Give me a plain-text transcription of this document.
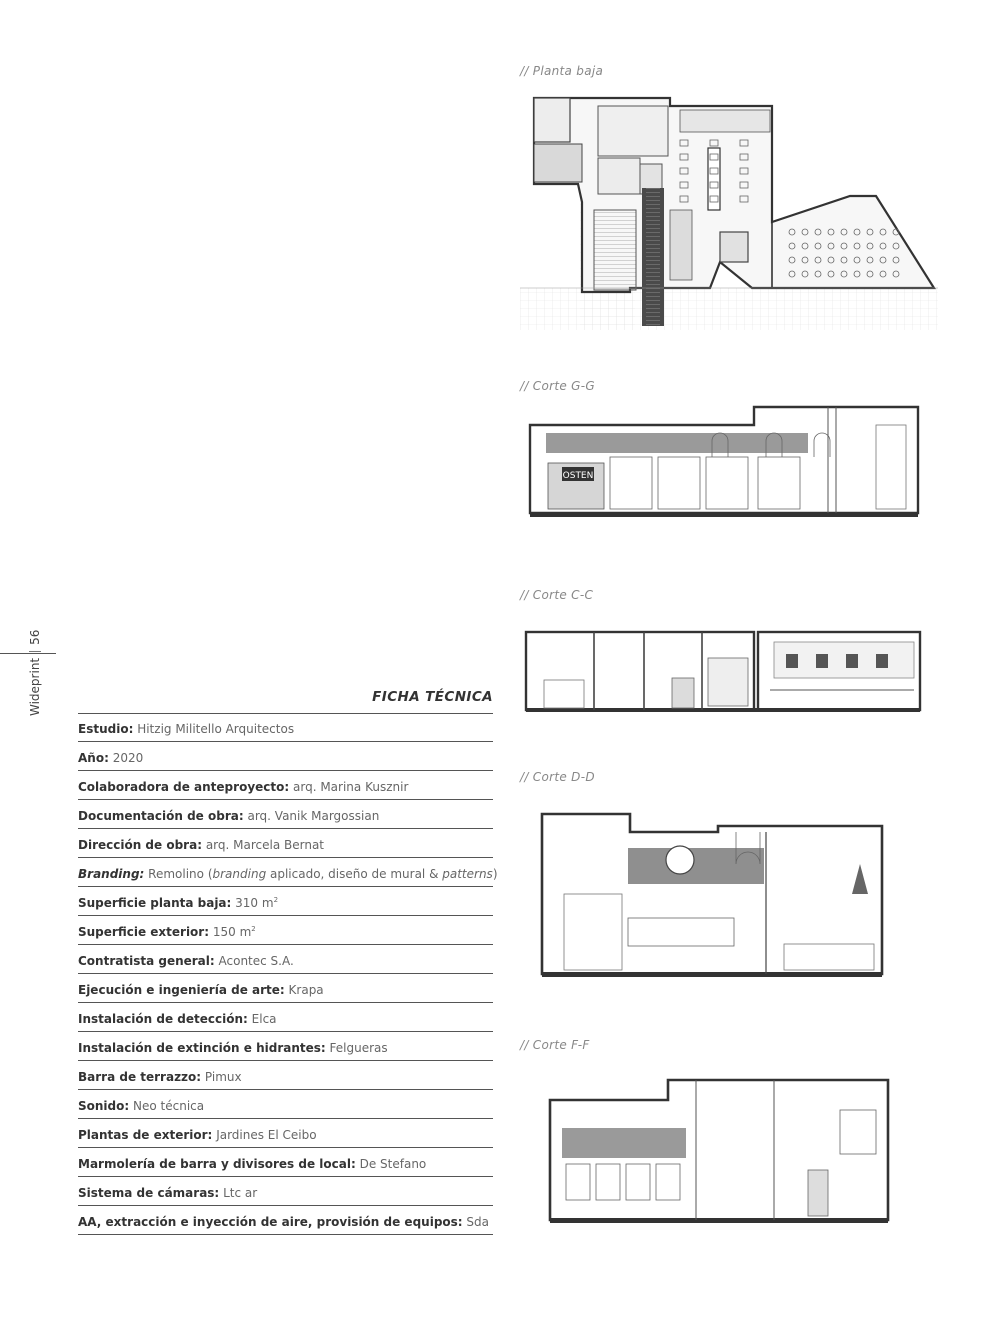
Wideprint56
FICHA TÉCNICA
Estudio: Hitzig Militello Arquitectos
Año: 2020
Colaboradora de anteproyecto: arq. Marina Kusznir
Documentación de obra: arq. Vanik Margossian
Dirección de obra: arq. Marcela Bernat
Branding: Remolino (branding aplicado, diseño de mural & patterns)
Superficie planta baja: 310 $m^2$
Superficie exterior: 150 $m^2$
Contratista general: Acontec S.A.
Ejecución e ingeniería de arte: Krapa
Instalación de detección: Elca
Instalación de extinción e hidrantes: Felgueras
Barra de terrazzo: Pimux
Sonido: Neo técnica
Plantas de exterior: Jardines El Ceibo
Marmolería de barra y divisores de local: De Stefano
Sistema de cámaras: Ltc ar
AA, extracción e inyección de aire, provisión de equipos: Sda
// Planta baja
// Corte G-G
// Corte C-C
// Corte D-D
// Corte F-F
OSTEN
